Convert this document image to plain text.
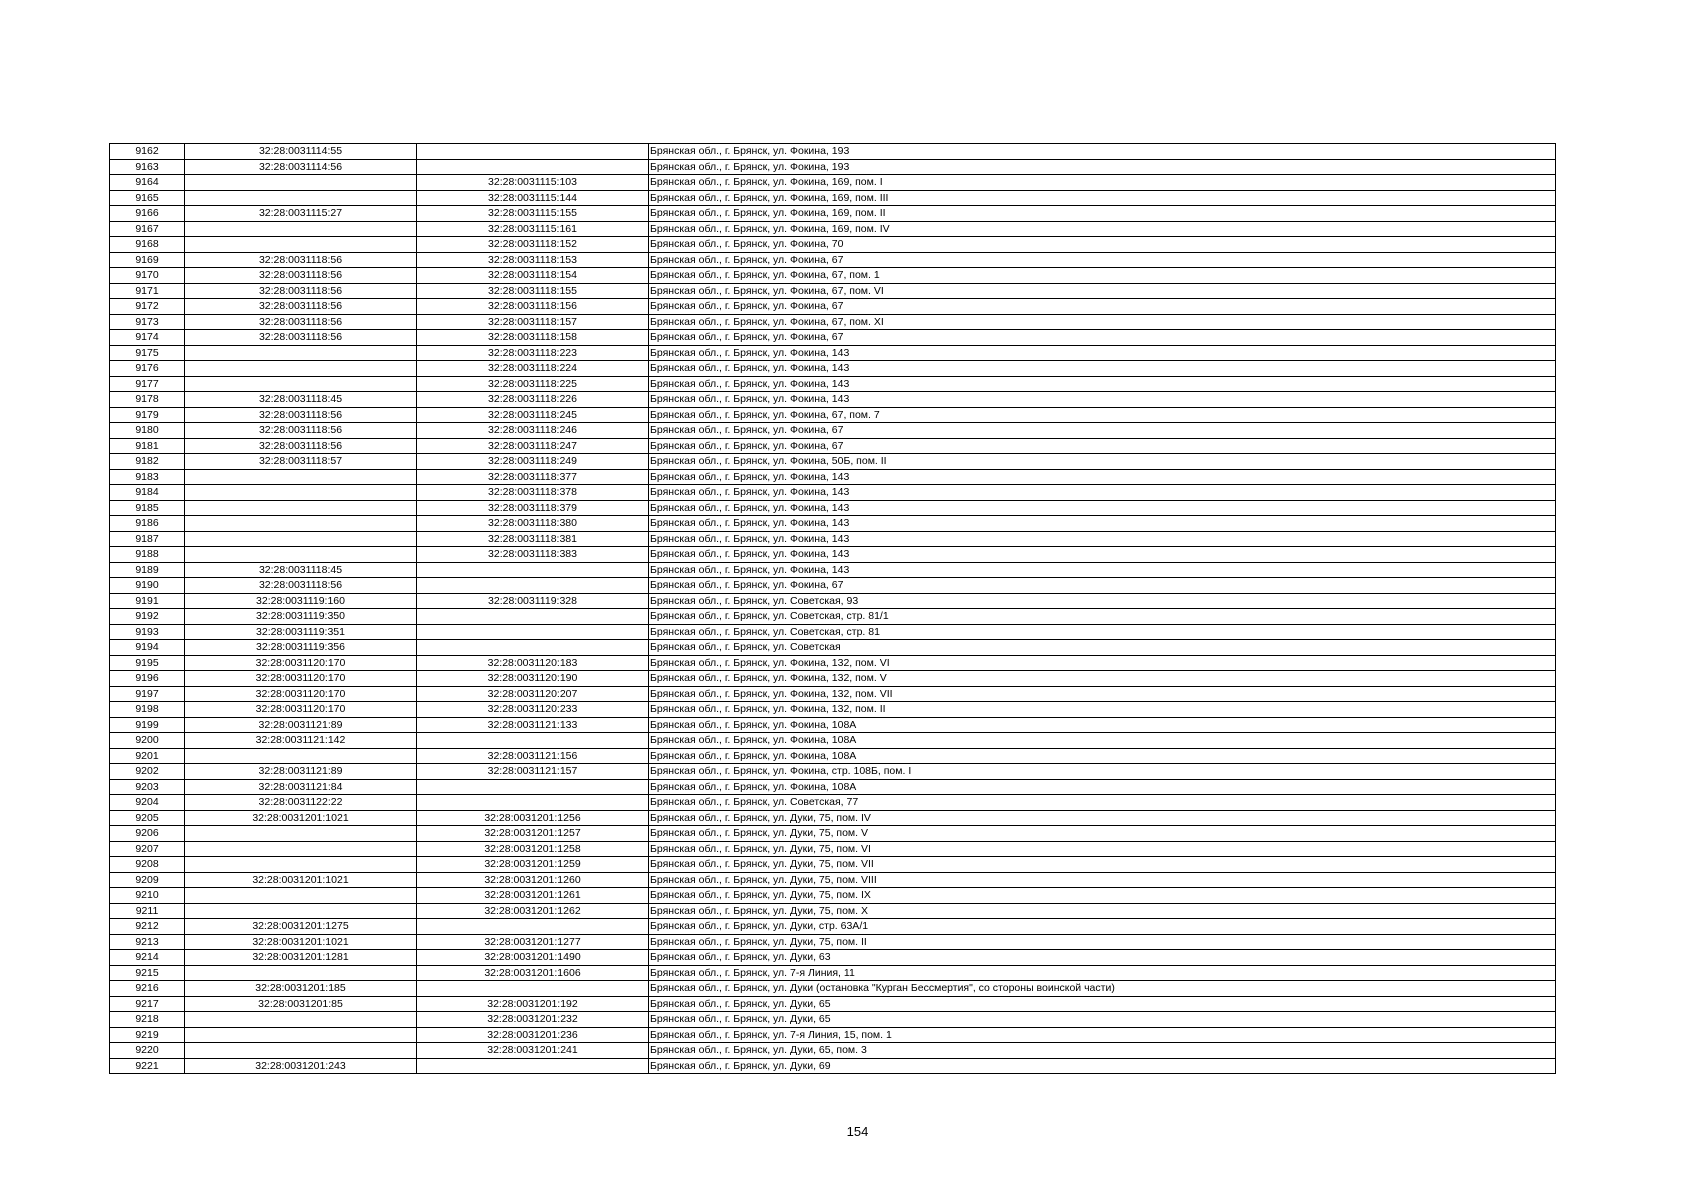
9162	32:28:0031114:55		Брянская обл., г. Брянск, ул. Фокина, 193
9163	32:28:0031114:56		Брянская обл., г. Брянск, ул. Фокина, 193
9164		32:28:0031115:103	Брянская обл., г. Брянск, ул. Фокина, 169, пом. I
9165		32:28:0031115:144	Брянская обл., г. Брянск, ул. Фокина, 169, пом. III
9166	32:28:0031115:27	32:28:0031115:155	Брянская обл., г. Брянск, ул. Фокина, 169, пом. II
9167		32:28:0031115:161	Брянская обл., г. Брянск, ул. Фокина, 169, пом. IV
9168		32:28:0031118:152	Брянская обл., г. Брянск, ул. Фокина, 70
9169	32:28:0031118:56	32:28:0031118:153	Брянская обл., г. Брянск, ул. Фокина, 67
9170	32:28:0031118:56	32:28:0031118:154	Брянская обл., г. Брянск, ул. Фокина, 67, пом. 1
9171	32:28:0031118:56	32:28:0031118:155	Брянская обл., г. Брянск, ул. Фокина, 67, пом. VI
9172	32:28:0031118:56	32:28:0031118:156	Брянская обл., г. Брянск, ул. Фокина, 67
9173	32:28:0031118:56	32:28:0031118:157	Брянская обл., г. Брянск, ул. Фокина, 67, пом. XI
9174	32:28:0031118:56	32:28:0031118:158	Брянская обл., г. Брянск, ул. Фокина, 67
9175		32:28:0031118:223	Брянская обл., г. Брянск, ул. Фокина, 143
9176		32:28:0031118:224	Брянская обл., г. Брянск, ул. Фокина, 143
9177		32:28:0031118:225	Брянская обл., г. Брянск, ул. Фокина, 143
9178	32:28:0031118:45	32:28:0031118:226	Брянская обл., г. Брянск, ул. Фокина, 143
9179	32:28:0031118:56	32:28:0031118:245	Брянская обл., г. Брянск, ул. Фокина, 67, пом. 7
9180	32:28:0031118:56	32:28:0031118:246	Брянская обл., г. Брянск, ул. Фокина, 67
9181	32:28:0031118:56	32:28:0031118:247	Брянская обл., г. Брянск, ул. Фокина, 67
9182	32:28:0031118:57	32:28:0031118:249	Брянская обл., г. Брянск, ул. Фокина, 50Б, пом. II
9183		32:28:0031118:377	Брянская обл., г. Брянск, ул. Фокина, 143
9184		32:28:0031118:378	Брянская обл., г. Брянск, ул. Фокина, 143
9185		32:28:0031118:379	Брянская обл., г. Брянск, ул. Фокина, 143
9186		32:28:0031118:380	Брянская обл., г. Брянск, ул. Фокина, 143
9187		32:28:0031118:381	Брянская обл., г. Брянск, ул. Фокина, 143
9188		32:28:0031118:383	Брянская обл., г. Брянск, ул. Фокина, 143
9189	32:28:0031118:45		Брянская обл., г. Брянск, ул. Фокина, 143
9190	32:28:0031118:56		Брянская обл., г. Брянск, ул. Фокина, 67
9191	32:28:0031119:160	32:28:0031119:328	Брянская обл., г. Брянск, ул. Советская, 93
9192	32:28:0031119:350		Брянская обл., г. Брянск, ул. Советская, стр. 81/1
9193	32:28:0031119:351		Брянская обл., г. Брянск, ул. Советская, стр. 81
9194	32:28:0031119:356		Брянская обл., г. Брянск, ул. Советская
9195	32:28:0031120:170	32:28:0031120:183	Брянская обл., г. Брянск, ул. Фокина, 132, пом. VI
9196	32:28:0031120:170	32:28:0031120:190	Брянская обл., г. Брянск, ул. Фокина, 132, пом. V
9197	32:28:0031120:170	32:28:0031120:207	Брянская обл., г. Брянск, ул. Фокина, 132, пом. VII
9198	32:28:0031120:170	32:28:0031120:233	Брянская обл., г. Брянск, ул. Фокина, 132, пом. II
9199	32:28:0031121:89	32:28:0031121:133	Брянская обл., г. Брянск, ул. Фокина, 108А
9200	32:28:0031121:142		Брянская обл., г. Брянск, ул. Фокина, 108А
9201		32:28:0031121:156	Брянская обл., г. Брянск, ул. Фокина, 108А
9202	32:28:0031121:89	32:28:0031121:157	Брянская обл., г. Брянск, ул. Фокина, стр. 108Б, пом. I
9203	32:28:0031121:84		Брянская обл., г. Брянск, ул. Фокина, 108А
9204	32:28:0031122:22		Брянская обл., г. Брянск, ул. Советская, 77
9205	32:28:0031201:1021	32:28:0031201:1256	Брянская обл., г. Брянск, ул. Дуки, 75, пом. IV
9206		32:28:0031201:1257	Брянская обл., г. Брянск, ул. Дуки, 75, пом. V
9207		32:28:0031201:1258	Брянская обл., г. Брянск, ул. Дуки, 75, пом. VI
9208		32:28:0031201:1259	Брянская обл., г. Брянск, ул. Дуки, 75, пом. VII
9209	32:28:0031201:1021	32:28:0031201:1260	Брянская обл., г. Брянск, ул. Дуки, 75, пом. VIII
9210		32:28:0031201:1261	Брянская обл., г. Брянск, ул. Дуки, 75, пом. IX
9211		32:28:0031201:1262	Брянская обл., г. Брянск, ул. Дуки, 75, пом. X
9212	32:28:0031201:1275		Брянская обл., г. Брянск, ул. Дуки, стр. 63А/1
9213	32:28:0031201:1021	32:28:0031201:1277	Брянская обл., г. Брянск, ул. Дуки, 75, пом. II
9214	32:28:0031201:1281	32:28:0031201:1490	Брянская обл., г. Брянск, ул. Дуки, 63
9215		32:28:0031201:1606	Брянская обл., г. Брянск, ул. 7-я Линия, 11
9216	32:28:0031201:185		Брянская обл., г. Брянск, ул. Дуки (остановка "Курган Бессмертия", со стороны воинской части)
9217	32:28:0031201:85	32:28:0031201:192	Брянская обл., г. Брянск, ул. Дуки, 65
9218		32:28:0031201:232	Брянская обл., г. Брянск, ул. Дуки, 65
9219		32:28:0031201:236	Брянская обл., г. Брянск, ул. 7-я Линия, 15, пом. 1
9220		32:28:0031201:241	Брянская обл., г. Брянск, ул. Дуки, 65, пом. 3
9221	32:28:0031201:243		Брянская обл., г. Брянск, ул. Дуки, 69
154
